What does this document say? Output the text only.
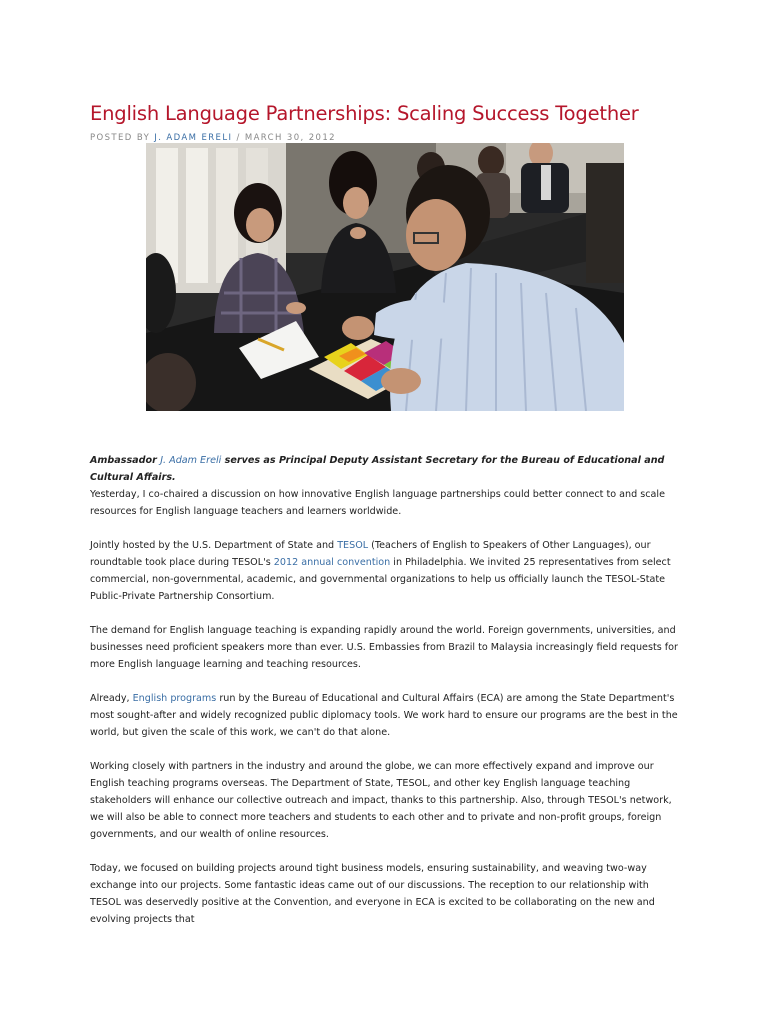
English Language Partnerships: Scaling Success Together
POSTED BY J. ADAM ERELI / MARCH 30, 2012

Ambassador J. Adam Ereli serves as Principal Deputy Assistant Secretary for the Bureau of Educational and Cultural Affairs.
Yesterday, I co-chaired a discussion on how innovative English language partnerships could better connect to and scale resources for English language teachers and learners worldwide.

Jointly hosted by the U.S. Department of State and TESOL (Teachers of English to Speakers of Other Languages), our roundtable took place during TESOL's 2012 annual convention in Philadelphia. We invited 25 representatives from select commercial, non-governmental, academic, and governmental organizations to help us officially launch the TESOL-State Public-Private Partnership Consortium.

The demand for English language teaching is expanding rapidly around the world. Foreign governments, universities, and businesses need proficient speakers more than ever. U.S. Embassies from Brazil to Malaysia increasingly field requests for more English language learning and teaching resources.

Already, English programs run by the Bureau of Educational and Cultural Affairs (ECA) are among the State Department's most sought-after and widely recognized public diplomacy tools. We work hard to ensure our programs are the best in the world, but given the scale of this work, we can't do that alone.

Working closely with partners in the industry and around the globe, we can more effectively expand and improve our English teaching programs overseas. The Department of State, TESOL, and other key English language teaching stakeholders will enhance our collective outreach and impact, thanks to this partnership. Also, through TESOL's network, we will also be able to connect more teachers and students to each other and to private and non-profit groups, foreign governments, and our wealth of online resources.

Today, we focused on building projects around tight business models, ensuring sustainability, and weaving two-way exchange into our projects. Some fantastic ideas came out of our discussions. The reception to our relationship with TESOL was deservedly positive at the Convention, and everyone in ECA is excited to be collaborating on the new and evolving projects that
